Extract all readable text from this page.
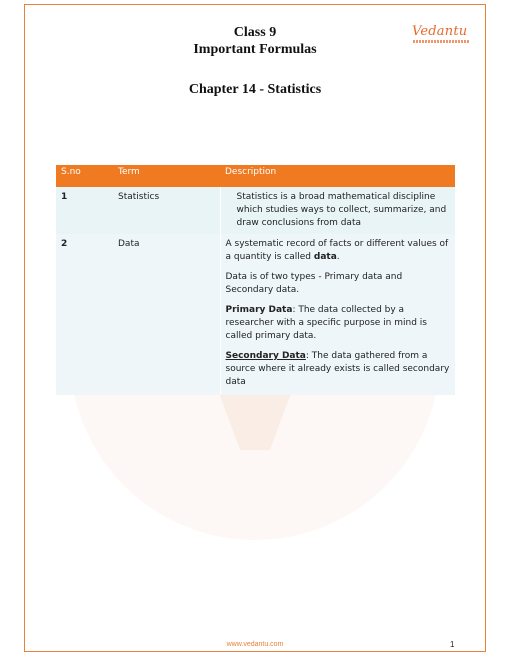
Class 9
Important Formulas
Chapter 14 - Statistics
Vedantu
S.no	Term	Description
1	Statistics	Statistics is a broad mathematical discipline which studies ways to collect, summarize, and draw conclusions from data
2	Data	A systematic record of facts or different values of a quantity is called data.

Data is of two types - Primary data and Secondary data.

Primary Data: The data collected by a researcher with a specific purpose in mind is called primary data.

Secondary Data: The data gathered from a source where it already exists is called secondary data

www.vedantu.com	1
